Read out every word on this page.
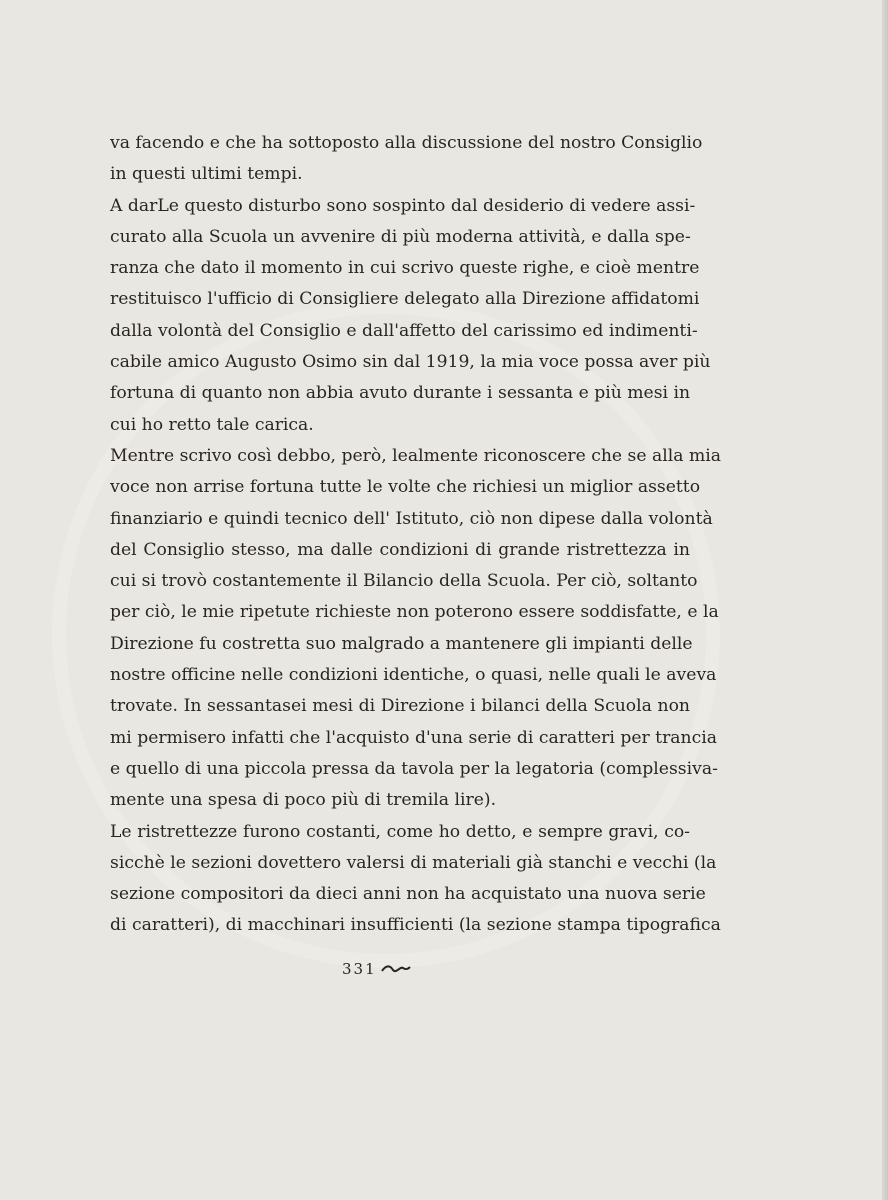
va facendo e che ha sottoposto alla discussione del nostro Consiglio
in questi ultimi tempi.
A darLe questo disturbo sono sospinto dal desiderio di vedere assi-
curato alla Scuola un avvenire di più moderna attività, e dalla spe-
ranza che dato il momento in cui scrivo queste righe, e cioè mentre
restituisco l'ufficio di Consigliere delegato alla Direzione affidatomi
dalla volontà del Consiglio e dall'affetto del carissimo ed indimenti-
cabile amico Augusto Osimo sin dal 1919, la mia voce possa aver più
fortuna di quanto non abbia avuto durante i sessanta e più mesi in
cui ho retto tale carica.
Mentre scrivo così debbo, però, lealmente riconoscere che se alla mia
voce non arrise fortuna tutte le volte che richiesi un miglior assetto
finanziario e quindi tecnico dell' Istituto, ciò non dipese dalla volontà
del Consiglio stesso, ma dalle condizioni di grande ristrettezza in
cui si trovò costantemente il Bilancio della Scuola. Per ciò, soltanto
per ciò, le mie ripetute richieste non poterono essere soddisfatte, e la
Direzione fu costretta suo malgrado a mantenere gli impianti delle
nostre officine nelle condizioni identiche, o quasi, nelle quali le aveva
trovate. In sessantasei mesi di Direzione i bilanci della Scuola non
mi permisero infatti che l'acquisto d'una serie di caratteri per trancia
e quello di una piccola pressa da tavola per la legatoria (complessiva-
mente una spesa di poco più di tremila lire).
Le ristrettezze furono costanti, come ho detto, e sempre gravi, co-
sicchè le sezioni dovettero valersi di materiali già stanchi e vecchi (la
sezione compositori da dieci anni non ha acquistato una nuova serie
di caratteri), di macchinari insufficienti (la sezione stampa tipografica
331
